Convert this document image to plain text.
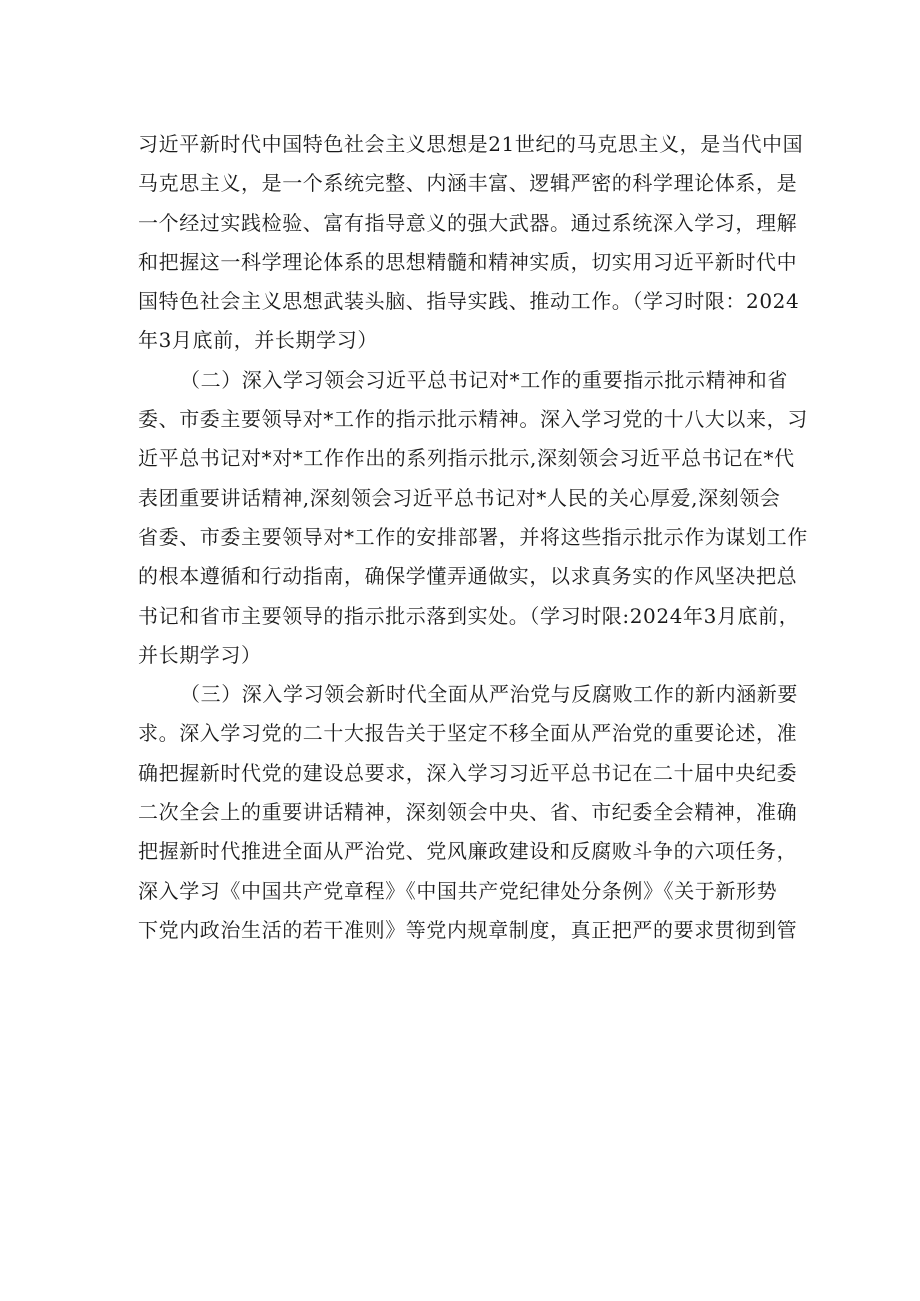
习近平新时代中国特色社会主义思想是21世纪的马克思主义，是当代中国
马克思主义，是一个系统完整、内涵丰富、逻辑严密的科学理论体系，是
一个经过实践检验、富有指导意义的强大武器。通过系统深入学习，理解
和把握这一科学理论体系的思想精髓和精神实质，切实用习近平新时代中
国特色社会主义思想武装头脑、指导实践、推动工作。（学习时限：2024
年3月底前，并长期学习）
（二）深入学习领会习近平总书记对*工作的重要指示批示精神和省
委、市委主要领导对*工作的指示批示精神。深入学习党的十八大以来，习
近平总书记对*对*工作作出的系列指示批示,深刻领会习近平总书记在*代
表团重要讲话精神,深刻领会习近平总书记对*人民的关心厚爱,深刻领会
省委、市委主要领导对*工作的安排部署，并将这些指示批示作为谋划工作
的根本遵循和行动指南，确保学懂弄通做实，以求真务实的作风坚决把总
书记和省市主要领导的指示批示落到实处。（学习时限:2024年3月底前，
并长期学习）
（三）深入学习领会新时代全面从严治党与反腐败工作的新内涵新要
求。深入学习党的二十大报告关于坚定不移全面从严治党的重要论述，准
确把握新时代党的建设总要求，深入学习习近平总书记在二十届中央纪委
二次全会上的重要讲话精神，深刻领会中央、省、市纪委全会精神，准确
把握新时代推进全面从严治党、党风廉政建设和反腐败斗争的六项任务，
深入学习《中国共产党章程》《中国共产党纪律处分条例》《关于新形势
下党内政治生活的若干准则》等党内规章制度，真正把严的要求贯彻到管
